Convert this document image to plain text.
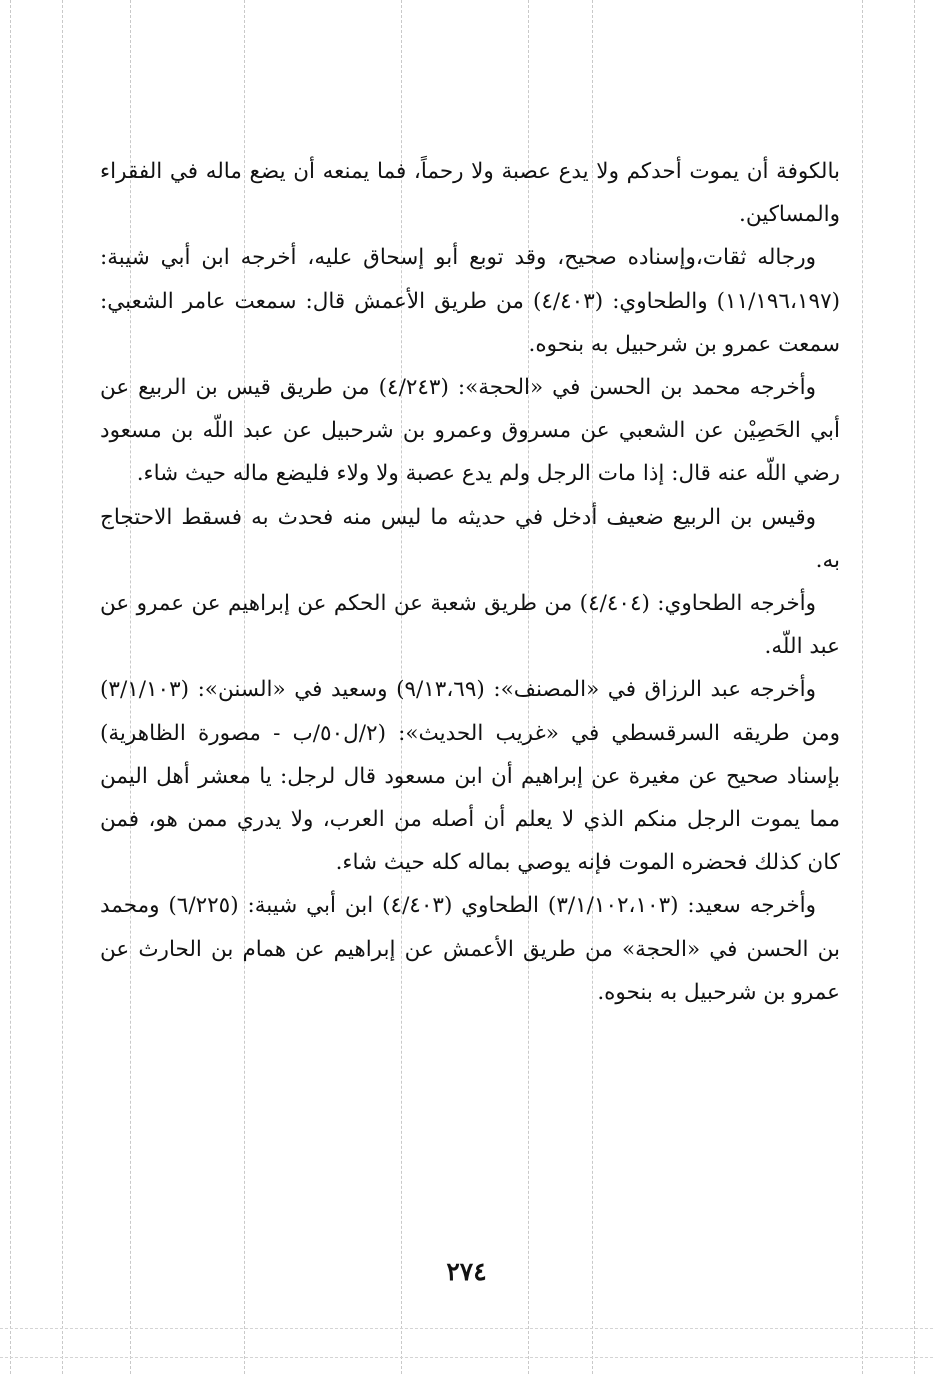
بالكوفة أن يموت أحدكم ولا يدع عصبة ولا رحماً، فما يمنعه أن يضع ماله في الفقراء والمساكين.

ورجاله ثقات،وإسناده صحيح، وقد توبع أبو إسحاق عليه، أخرجه ابن أبي شيبة: (١١/١٩٦،١٩٧) والطحاوي: (٤/٤٠٣) من طريق الأعمش قال: سمعت عامر الشعبي: سمعت عمرو بن شرحبيل به بنحوه.

وأخرجه محمد بن الحسن في «الحجة»: (٤/٢٤٣) من طريق قيس بن الربيع عن أبي الحَصِيْن عن الشعبي عن مسروق وعمرو بن شرحبيل عن عبد اللّه بن مسعود رضي اللّه عنه قال: إذا مات الرجل ولم يدع عصبة ولا ولاء فليضع ماله حيث شاء.

وقيس بن الربيع ضعيف أدخل في حديثه ما ليس منه فحدث به فسقط الاحتجاج به.

وأخرجه الطحاوي: (٤/٤٠٤) من طريق شعبة عن الحكم عن إبراهيم عن عمرو عن عبد اللّه.

وأخرجه عبد الرزاق في «المصنف»: (٩/١٣،٦٩) وسعيد في «السنن»: (٣/١/١٠٣) ومن طريقه السرقسطي في «غريب الحديث»: (٢/ل٥٠/ب - مصورة الظاهرية) بإسناد صحيح عن مغيرة عن إبراهيم أن ابن مسعود قال لرجل: يا معشر أهل اليمن مما يموت الرجل منكم الذي لا يعلم أن أصله من العرب، ولا يدري ممن هو، فمن كان كذلك فحضره الموت فإنه يوصي بماله كله حيث شاء.

وأخرجه سعيد: (٣/١/١٠٢،١٠٣) الطحاوي (٤/٤٠٣) ابن أبي شيبة: (٦/٢٢٥) ومحمد بن الحسن في «الحجة» من طريق الأعمش عن إبراهيم عن همام بن الحارث عن عمرو بن شرحبيل به بنحوه.

٢٧٤
